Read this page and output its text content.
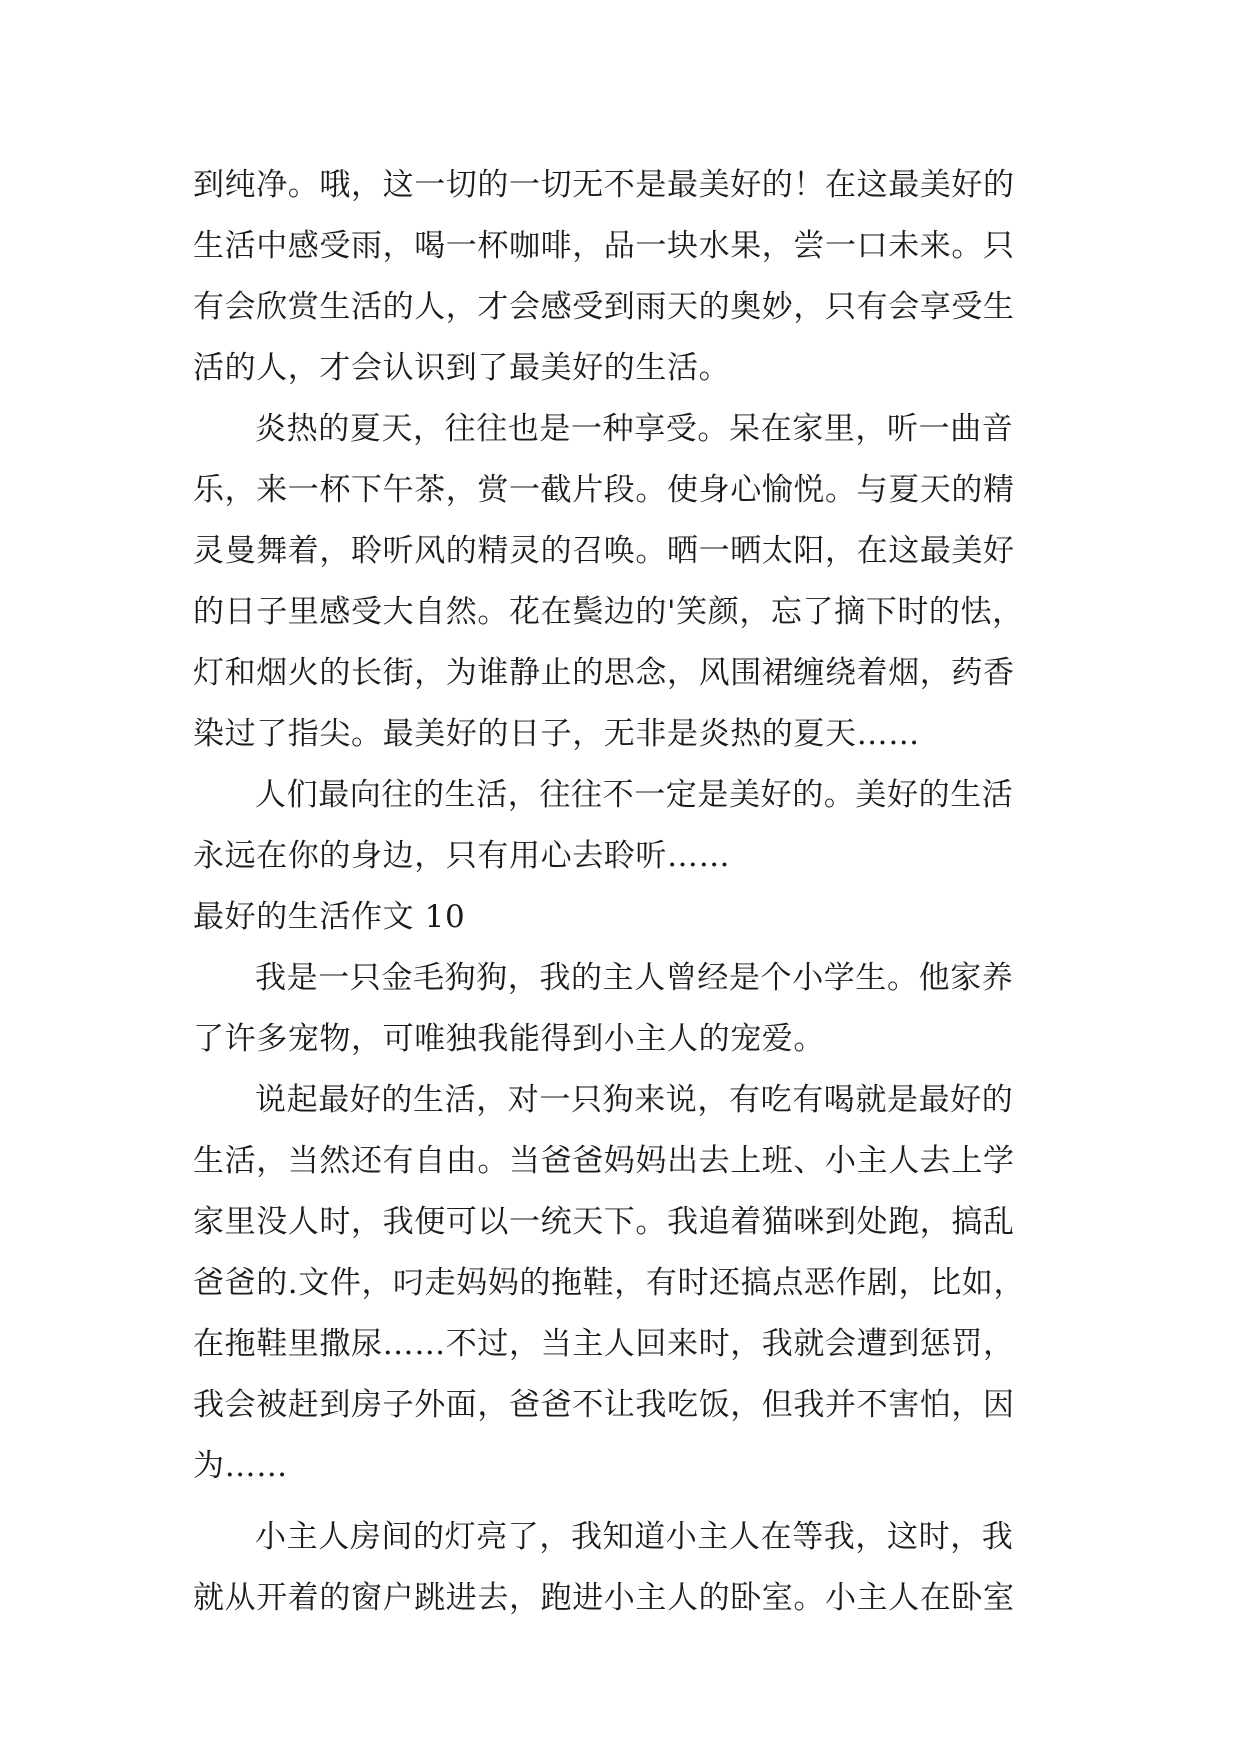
到纯净。哦，这一切的一切无不是最美好的！在这最美好的
生活中感受雨，喝一杯咖啡，品一块水果，尝一口未来。只
有会欣赏生活的人，才会感受到雨天的奥妙，只有会享受生
活的人，才会认识到了最美好的生活。
炎热的夏天，往往也是一种享受。呆在家里，听一曲音
乐，来一杯下午茶，赏一截片段。使身心愉悦。与夏天的精
灵曼舞着，聆听风的精灵的召唤。晒一晒太阳，在这最美好
的日子里感受大自然。花在鬓边的'笑颜，忘了摘下时的怯，
灯和烟火的长街，为谁静止的思念，风围裙缠绕着烟，药香
染过了指尖。最美好的日子，无非是炎热的夏天……
人们最向往的生活，往往不一定是美好的。美好的生活
永远在你的身边，只有用心去聆听……
最好的生活作文 10
我是一只金毛狗狗，我的主人曾经是个小学生。他家养
了许多宠物，可唯独我能得到小主人的宠爱。
说起最好的生活，对一只狗来说，有吃有喝就是最好的
生活，当然还有自由。当爸爸妈妈出去上班、小主人去上学
家里没人时，我便可以一统天下。我追着猫咪到处跑，搞乱
爸爸的.文件，叼走妈妈的拖鞋，有时还搞点恶作剧，比如，
在拖鞋里撒尿……不过，当主人回来时，我就会遭到惩罚，
我会被赶到房子外面，爸爸不让我吃饭，但我并不害怕，因
为……
小主人房间的灯亮了，我知道小主人在等我，这时，我
就从开着的窗户跳进去，跑进小主人的卧室。小主人在卧室
